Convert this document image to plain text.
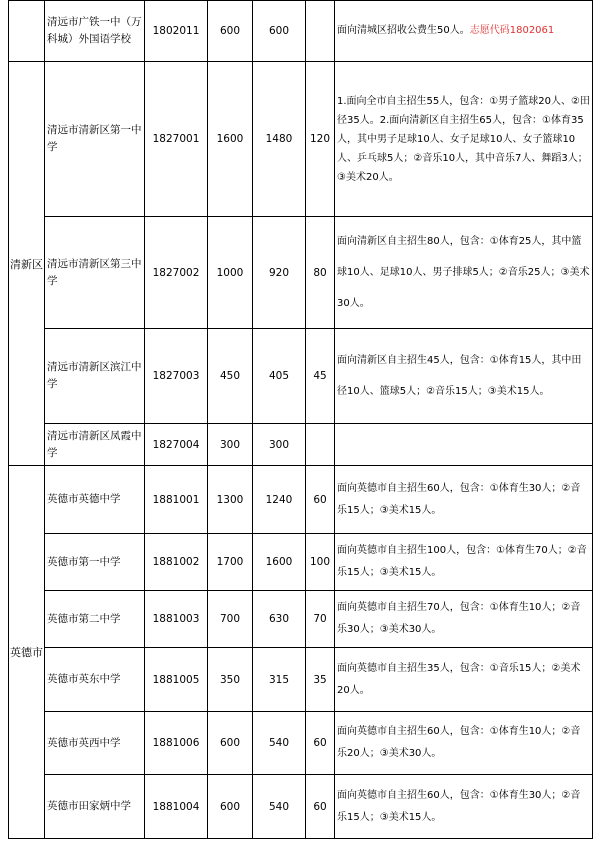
	清远市广铁一中（万科城）外国语学校	1802011	600	600		面向清城区招收公费生50人。志愿代码1802061
清新区	清远市清新区第一中学	1827001	1600	1480	120	1.面向全市自主招生55人，包含：①男子篮球20人、②田径35人。2.面向清新区自主招生65人，包含：①体育35人，其中男子足球10人、女子足球10人、女子篮球10人、乒乓球5人；②音乐10人，其中音乐7人、舞蹈3人；③美术20人。
	清远市清新区第三中学	1827002	1000	920	80	面向清新区自主招生80人，包含：①体育25人，其中篮球10人、足球10人、男子排球5人；②音乐25人；③美术30人。
	清远市清新区滨江中学	1827003	450	405	45	面向清新区自主招生45人，包含：①体育15人，其中田径10人、篮球5人；②音乐15人；③美术15人。
	清远市清新区凤霞中学	1827004	300	300		
英德市	英德市英德中学	1881001	1300	1240	60	面向英德市自主招生60人，包含：①体育生30人；②音乐15人；③美术15人。
	英德市第一中学	1881002	1700	1600	100	面向英德市自主招生100人，包含：①体育生70人；②音乐15人；③美术15人。
	英德市第二中学	1881003	700	630	70	面向英德市自主招生70人，包含：①体育生10人；②音乐30人；③美术30人。
	英德市英东中学	1881005	350	315	35	面向英德市自主招生35人，包含：①音乐15人；②美术20人。
	英德市英西中学	1881006	600	540	60	面向英德市自主招生60人，包含：①体育生10人；②音乐20人；③美术30人。
	英德市田家炳中学	1881004	600	540	60	面向英德市自主招生60人，包含：①体育生30人；②音乐15人；③美术15人。
